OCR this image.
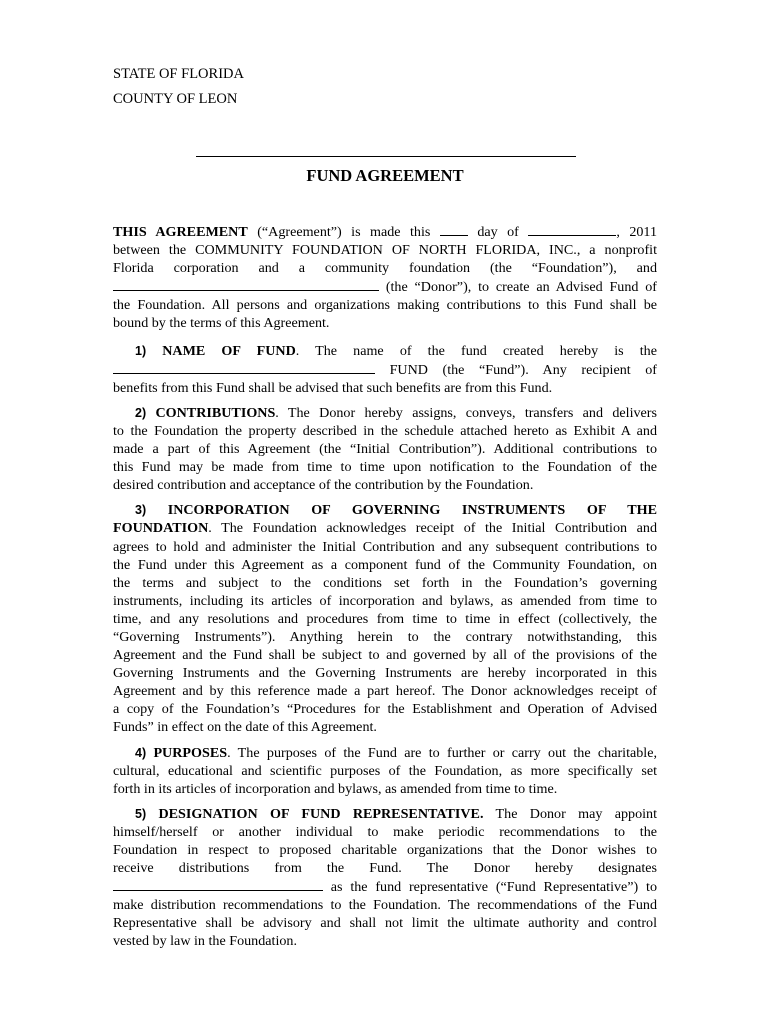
STATE OF FLORIDA
COUNTY OF LEON
FUND AGREEMENT

THIS AGREEMENT (“Agreement”) is made this	day of	, 2011
between the COMMUNITY FOUNDATION OF NORTH FLORIDA, INC., a nonprofit
Florida corporation and a community foundation (the “Foundation”), and
(the “Donor”), to create an Advised Fund of
the Foundation. All persons and organizations making contributions to this Fund shall be
bound by the terms of this Agreement.

1) NAME OF FUND. The name of the fund created hereby is the
FUND (the “Fund”). Any recipient of
benefits from this Fund shall be advised that such benefits are from this Fund.

2) CONTRIBUTIONS. The Donor hereby assigns, conveys, transfers and delivers
to the Foundation the property described in the schedule attached hereto as Exhibit A and
made a part of this Agreement (the “Initial Contribution”). Additional contributions to
this Fund may be made from time to time upon notification to the Foundation of the
desired contribution and acceptance of the contribution by the Foundation.

3) INCORPORATION OF GOVERNING INSTRUMENTS OF THE
FOUNDATION. The Foundation acknowledges receipt of the Initial Contribution and
agrees to hold and administer the Initial Contribution and any subsequent contributions to
the Fund under this Agreement as a component fund of the Community Foundation, on
the terms and subject to the conditions set forth in the Foundation’s governing
instruments, including its articles of incorporation and bylaws, as amended from time to
time, and any resolutions and procedures from time to time in effect (collectively, the
“Governing Instruments”). Anything herein to the contrary notwithstanding, this
Agreement and the Fund shall be subject to and governed by all of the provisions of the
Governing Instruments and the Governing Instruments are hereby incorporated in this
Agreement and by this reference made a part hereof. The Donor acknowledges receipt of
a copy of the Foundation’s “Procedures for the Establishment and Operation of Advised
Funds” in effect on the date of this Agreement.

4) PURPOSES. The purposes of the Fund are to further or carry out the charitable,
cultural, educational and scientific purposes of the Foundation, as more specifically set
forth in its articles of incorporation and bylaws, as amended from time to time.

5) DESIGNATION OF FUND REPRESENTATIVE. The Donor may appoint
himself/herself or another individual to make periodic recommendations to the
Foundation in respect to proposed charitable organizations that the Donor wishes to
receive distributions from the Fund. The Donor hereby designates
as the fund representative (“Fund Representative”) to
make distribution recommendations to the Foundation. The recommendations of the Fund
Representative shall be advisory and shall not limit the ultimate authority and control
vested by law in the Foundation.
